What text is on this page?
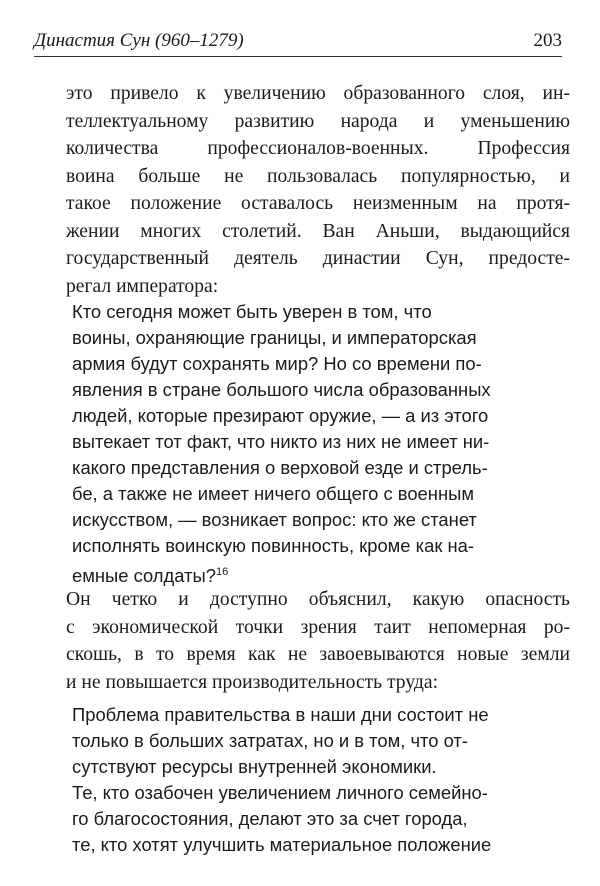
Династия Сун (960–1279)	203
это привело к увеличению образованного слоя, ин-
теллектуальному развитию народа и уменьшению
количества профессионалов-военных. Профессия
воина больше не пользовалась популярностью, и
такое положение оставалось неизменным на протя-
жении многих столетий. Ван Аньши, выдающийся
государственный деятель династии Сун, предосте-
регал императора:
Кто сегодня может быть уверен в том, что
воины, охраняющие границы, и императорская
армия будут сохранять мир? Но со времени по-
явления в стране большого числа образованных
людей, которые презирают оружие, — а из этого
вытекает тот факт, что никто из них не имеет ни-
какого представления о верховой езде и стрель-
бе, а также не имеет ничего общего с военным
искусством, — возникает вопрос: кто же станет
исполнять воинскую повинность, кроме как на-
емные солдаты?$^{16}$
Он четко и доступно объяснил, какую опасность
с экономической точки зрения таит непомерная ро-
скошь, в то время как не завоевываются новые земли
и не повышается производительность труда:
Проблема правительства в наши дни состоит не
только в больших затратах, но и в том, что от-
сутствуют ресурсы внутренней экономики.
Те, кто озабочен увеличением личного семейно-
го благосостояния, делают это за счет города,
те, кто хотят улучшить материальное положение
